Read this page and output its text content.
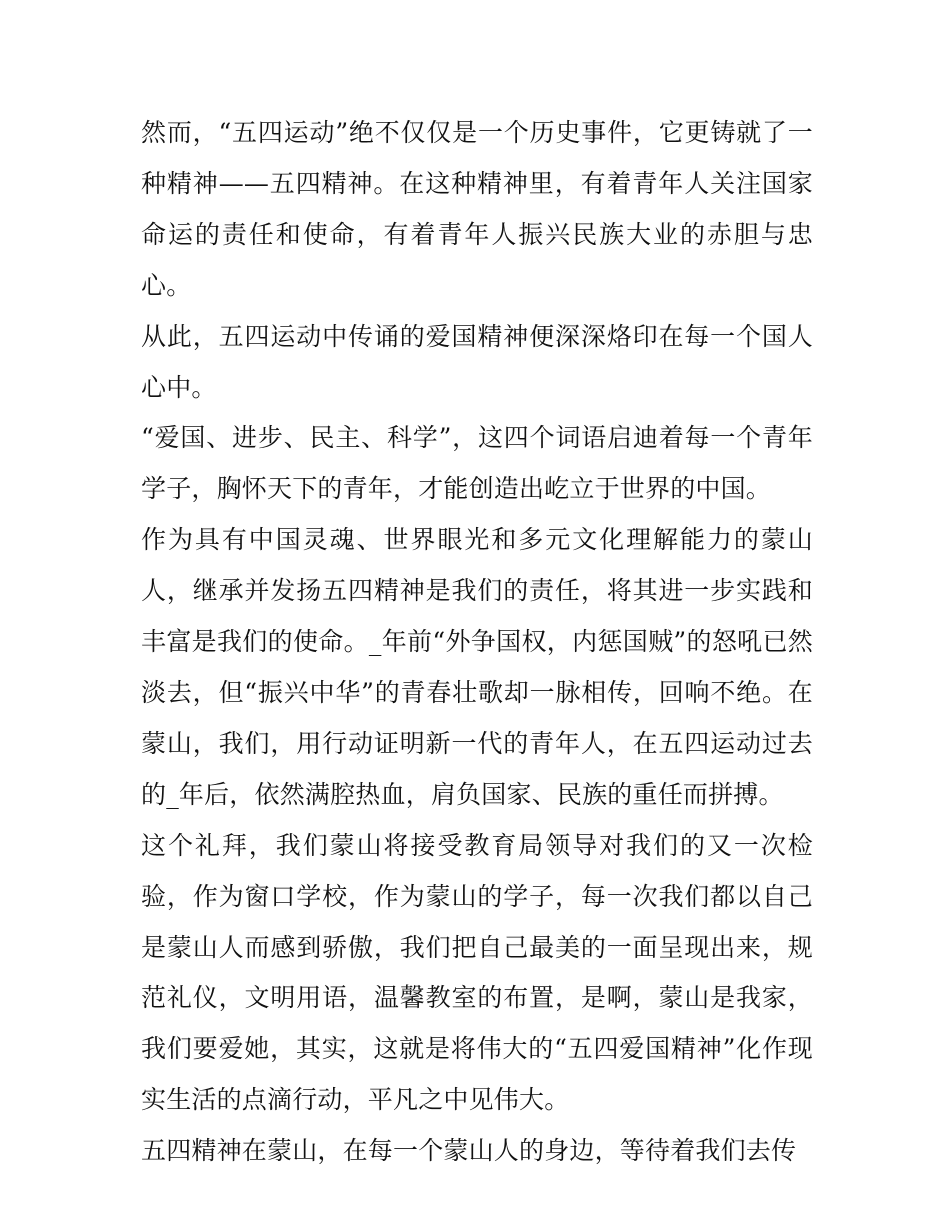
然而，“五四运动”绝不仅仅是一个历史事件，它更铸就了一种精神——五四精神。在这种精神里，有着青年人关注国家命运的责任和使命，有着青年人振兴民族大业的赤胆与忠心。

从此，五四运动中传诵的爱国精神便深深烙印在每一个国人心中。

“爱国、进步、民主、科学”，这四个词语启迪着每一个青年学子，胸怀天下的青年，才能创造出屹立于世界的中国。

作为具有中国灵魂、世界眼光和多元文化理解能力的蒙山人，继承并发扬五四精神是我们的责任，将其进一步实践和丰富是我们的使命。_年前“外争国权，内惩国贼”的怒吼已然淡去，但“振兴中华”的青春壮歌却一脉相传，回响不绝。在蒙山，我们，用行动证明新一代的青年人，在五四运动过去的_年后，依然满腔热血，肩负国家、民族的重任而拼搏。

这个礼拜，我们蒙山将接受教育局领导对我们的又一次检验，作为窗口学校，作为蒙山的学子，每一次我们都以自己是蒙山人而感到骄傲，我们把自己最美的一面呈现出来，规范礼仪，文明用语，温馨教室的布置，是啊，蒙山是我家，我们要爱她，其实，这就是将伟大的“五四爱国精神”化作现实生活的点滴行动，平凡之中见伟大。

五四精神在蒙山，在每一个蒙山人的身边，等待着我们去传
